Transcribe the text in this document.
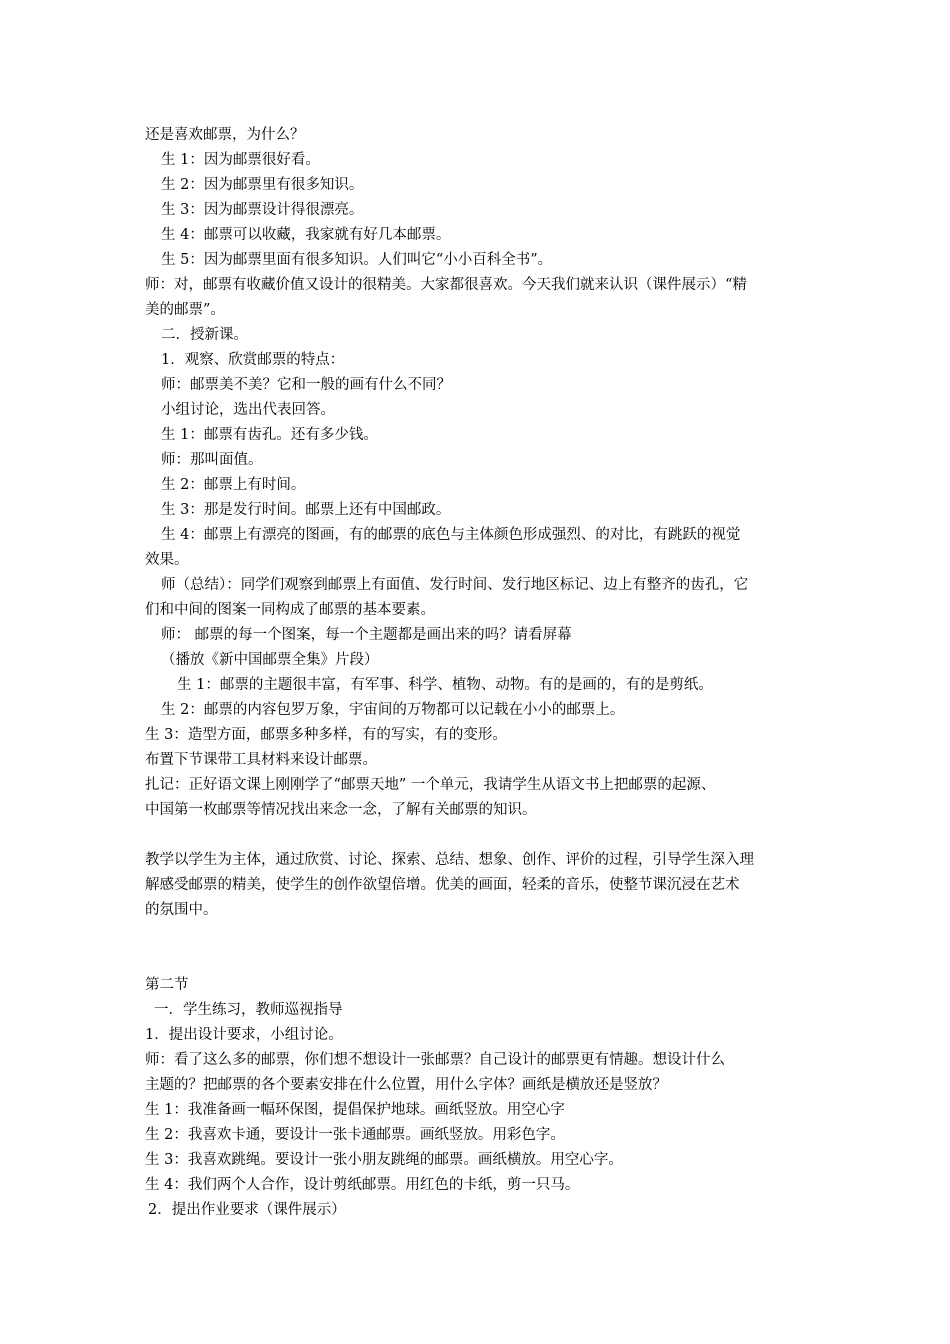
还是喜欢邮票，为什么？
生 1：因为邮票很好看。
生 2：因为邮票里有很多知识。
生 3：因为邮票设计得很漂亮。
生 4：邮票可以收藏，我家就有好几本邮票。
生 5：因为邮票里面有很多知识。人们叫它“小小百科全书”。
师：对，邮票有收藏价值又设计的很精美。大家都很喜欢。今天我们就来认识（课件展示）“精
美的邮票”。
二．授新课。
1．观察、欣赏邮票的特点：
师：邮票美不美？它和一般的画有什么不同？
小组讨论，选出代表回答。
生 1：邮票有齿孔。还有多少钱。
师：那叫面值。
生 2：邮票上有时间。
生 3：那是发行时间。邮票上还有中国邮政。
生 4：邮票上有漂亮的图画，有的邮票的底色与主体颜色形成强烈、的对比，有跳跃的视觉
效果。
师（总结）：同学们观察到邮票上有面值、发行时间、发行地区标记、边上有整齐的齿孔，它
们和中间的图案一同构成了邮票的基本要素。
师： 邮票的每一个图案，每一个主题都是画出来的吗？请看屏幕
（播放《新中国邮票全集》片段）
生 1：邮票的主题很丰富，有军事、科学、植物、动物。有的是画的，有的是剪纸。
生 2：邮票的内容包罗万象，宇宙间的万物都可以记载在小小的邮票上。
生 3：造型方面，邮票多种多样，有的写实，有的变形。
布置下节课带工具材料来设计邮票。
扎记：正好语文课上刚刚学了“邮票天地” 一个单元，我请学生从语文书上把邮票的起源、
中国第一枚邮票等情况找出来念一念，了解有关邮票的知识。
教学以学生为主体，通过欣赏、讨论、探索、总结、想象、创作、评价的过程，引导学生深入理
解感受邮票的精美，使学生的创作欲望倍增。优美的画面，轻柔的音乐，使整节课沉浸在艺术
的氛围中。
第二节
一．学生练习，教师巡视指导
1．提出设计要求，小组讨论。
师：看了这么多的邮票，你们想不想设计一张邮票？自己设计的邮票更有情趣。想设计什么
主题的？把邮票的各个要素安排在什么位置，用什么字体？画纸是横放还是竖放？
生 1：我准备画一幅环保图，提倡保护地球。画纸竖放。用空心字
生 2：我喜欢卡通，要设计一张卡通邮票。画纸竖放。用彩色字。
生 3：我喜欢跳绳。要设计一张小朋友跳绳的邮票。画纸横放。用空心字。
生 4：我们两个人合作，设计剪纸邮票。用红色的卡纸，剪一只马。
2．提出作业要求（课件展示）
